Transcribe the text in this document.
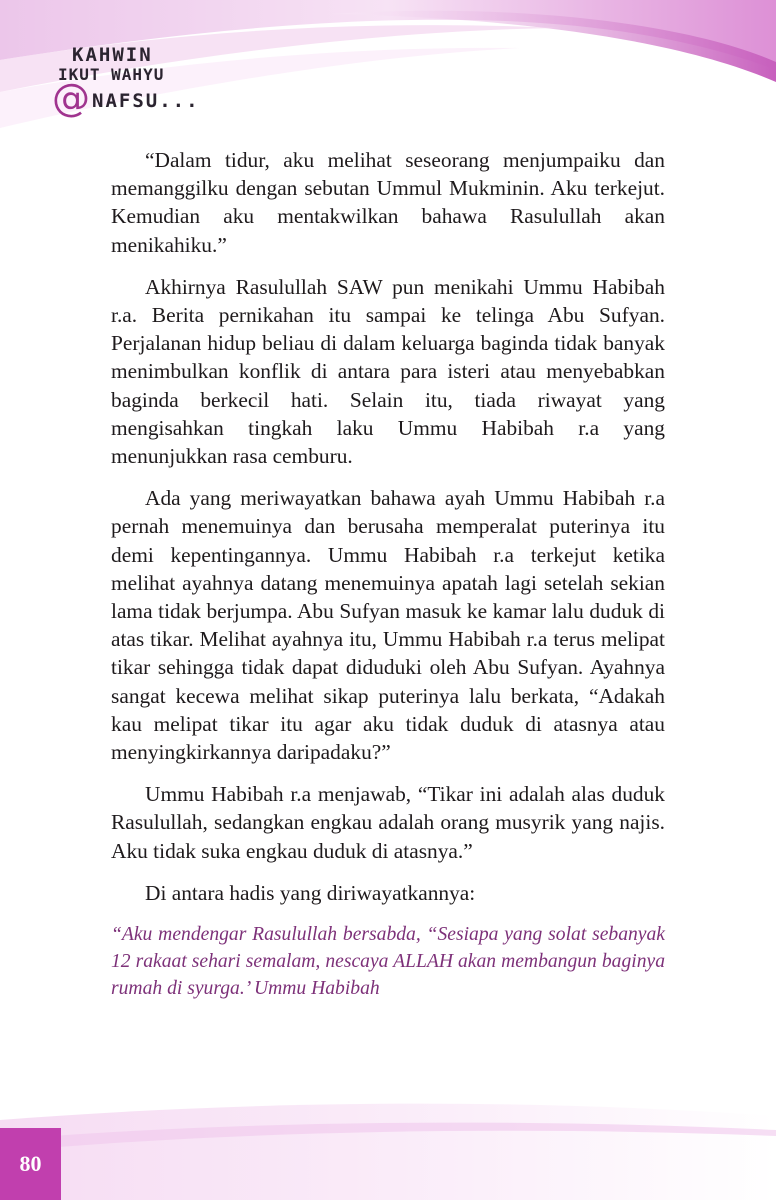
KAHWIN
IKUT WAHYU
@ NAFSU...

“Dalam tidur, aku melihat seseorang menjumpaiku dan memanggilku dengan sebutan Ummul Mukminin. Aku terkejut. Kemudian aku mentakwilkan bahawa Rasulullah akan menikahiku.”

Akhirnya Rasulullah SAW pun menikahi Ummu Habibah r.a. Berita pernikahan itu sampai ke telinga Abu Sufyan. Perjalanan hidup beliau di dalam keluarga baginda tidak banyak menimbulkan konflik di antara para isteri atau menyebabkan baginda berkecil hati. Selain itu, tiada riwayat yang mengisahkan tingkah laku Ummu Habibah r.a yang menunjukkan rasa cemburu.

Ada yang meriwayatkan bahawa ayah Ummu Habibah r.a pernah menemuinya dan berusaha memperalat puterinya itu demi kepentingannya. Ummu Habibah r.a terkejut ketika melihat ayahnya datang menemuinya apatah lagi setelah sekian lama tidak berjumpa. Abu Sufyan masuk ke kamar lalu duduk di atas tikar. Melihat ayahnya itu, Ummu Habibah r.a terus melipat tikar sehingga tidak dapat diduduki oleh Abu Sufyan. Ayahnya sangat kecewa melihat sikap puterinya lalu berkata, “Adakah kau melipat tikar itu agar aku tidak duduk di atasnya atau menyingkirkannya daripadaku?”

Ummu Habibah r.a menjawab, “Tikar ini adalah alas duduk Rasulullah, sedangkan engkau adalah orang musyrik yang najis. Aku tidak suka engkau duduk di atasnya.”

Di antara hadis yang diriwayatkannya:

“Aku mendengar Rasulullah bersabda, “Sesiapa yang solat sebanyak 12 rakaat sehari semalam, nescaya ALLAH akan membangun baginya rumah di syurga.’ Ummu Habibah

80
